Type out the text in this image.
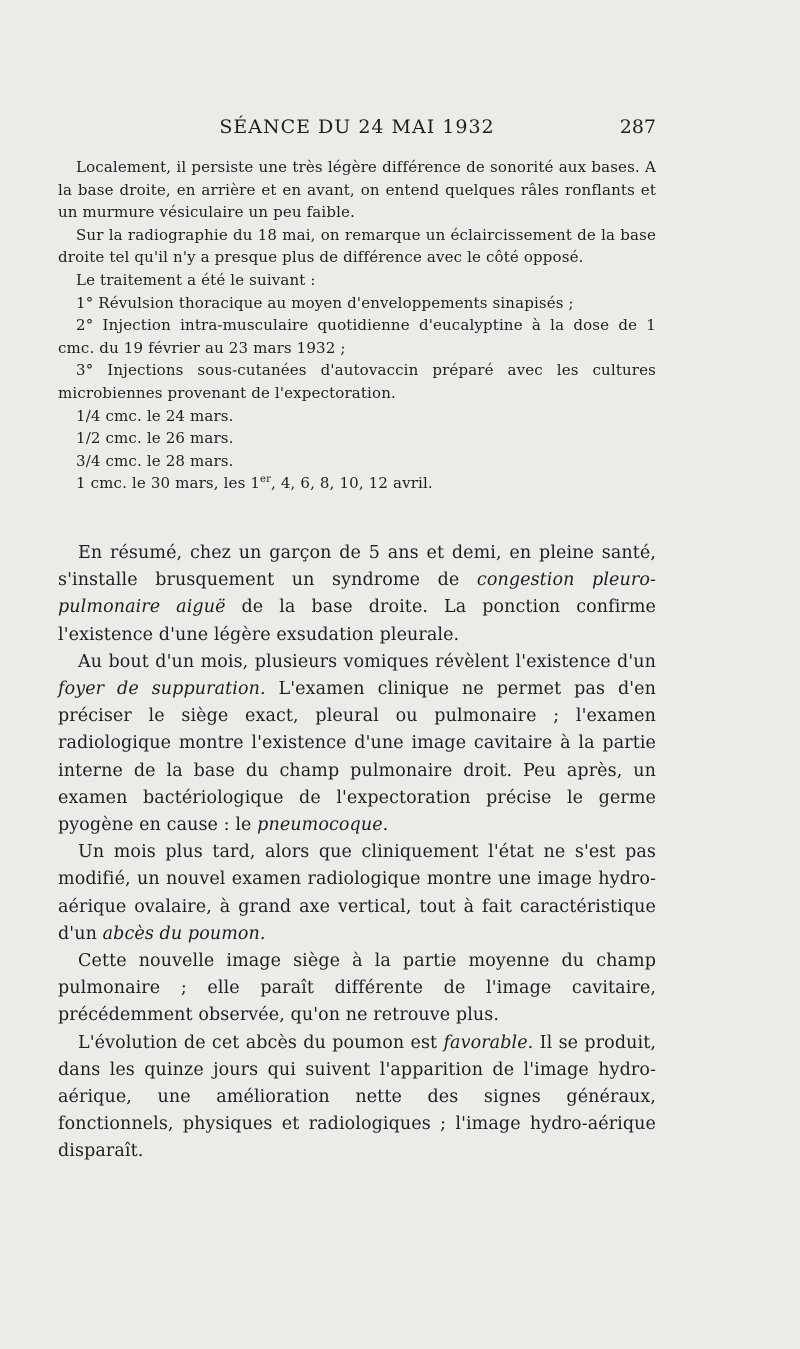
SÉANCE DU 24 MAI 1932	287

Localement, il persiste une très légère différence de sonorité aux bases. A la base droite, en arrière et en avant, on entend quelques râles ronflants et un murmure vésiculaire un peu faible.

Sur la radiographie du 18 mai, on remarque un éclaircissement de la base droite tel qu'il n'y a presque plus de différence avec le côté opposé.

Le traitement a été le suivant :

1° Révulsion thoracique au moyen d'enveloppements sinapisés ;

2° Injection intra-musculaire quotidienne d'eucalyptine à la dose de 1 cmc. du 19 février au 23 mars 1932 ;

3° Injections sous-cutanées d'autovaccin préparé avec les cultures microbiennes provenant de l'expectoration.

1/4 cmc. le 24 mars.

1/2 cmc. le 26 mars.

3/4 cmc. le 28 mars.

1 cmc. le 30 mars, les 1er, 4, 6, 8, 10, 12 avril.

En résumé, chez un garçon de 5 ans et demi, en pleine santé, s'installe brusquement un syndrome de congestion pleuro-pulmonaire aiguë de la base droite. La ponction confirme l'existence d'une légère exsudation pleurale.

Au bout d'un mois, plusieurs vomiques révèlent l'existence d'un foyer de suppuration. L'examen clinique ne permet pas d'en préciser le siège exact, pleural ou pulmonaire ; l'examen radiologique montre l'existence d'une image cavitaire à la partie interne de la base du champ pulmonaire droit. Peu après, un examen bactériologique de l'expectoration précise le germe pyogène en cause : le pneumocoque.

Un mois plus tard, alors que cliniquement l'état ne s'est pas modifié, un nouvel examen radiologique montre une image hydro-aérique ovalaire, à grand axe vertical, tout à fait caractéristique d'un abcès du poumon.

Cette nouvelle image siège à la partie moyenne du champ pulmonaire ; elle paraît différente de l'image cavitaire, précédemment observée, qu'on ne retrouve plus.

L'évolution de cet abcès du poumon est favorable. Il se produit, dans les quinze jours qui suivent l'apparition de l'image hydro-aérique, une amélioration nette des signes généraux, fonctionnels, physiques et radiologiques ; l'image hydro-aérique disparaît.
